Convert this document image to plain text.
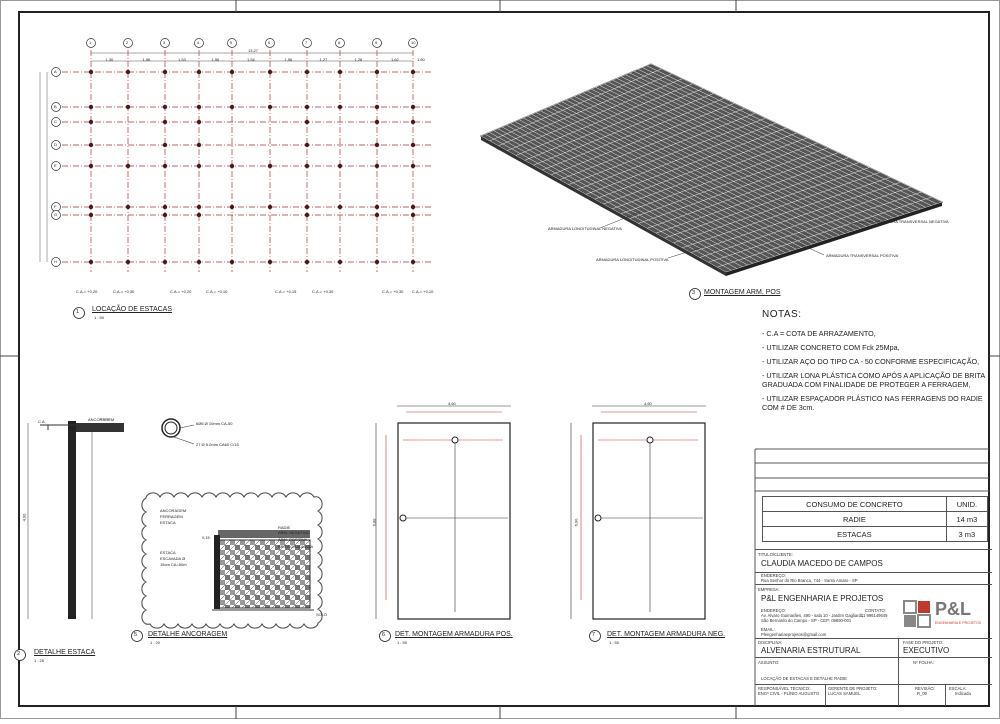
1	2	3	4	5	6	7	8	9	10
A
B
C
D
E
F
G
H
13,27
1,30	1,56	1,53	1,56	1,54	1,56	1,27	1,28	1,62	1,60
C.A.= +0,20	C.A.= +0,30	C.A.= +0,20	C.A.= +0,10	C.A.= +0,15	C.A.= +0,30	C.A.= +0,30 C.A.= +0,10
LOCAÇÃO DE ESTACAS
1 : 50
DETALHE ESTACA
1 : 25
MONTAGEM ARM. POS
DETALHE ANCORAGEM
1 : 20
DET. MONTAGEM ARMADURA POS.
1 : 50
DET. MONTAGEM ARMADURA NEG.
1 : 50
ARMADURA LONGITUDINAL NEGATIVA
ARMADURA LONGITUDINAL POSITIVA
ARMADURA TRANSVERSAL NEGATIVA
ARMADURA TRANSVERSAL POSITIVA
ANCORAGEM
C.A.
4,00
6Ø6 Ø 10mm CA-50
27 Ø 5.0mm CA60 C/15
ANCORAGEM
FERRAGEM
ESTACA
ESTACA
ESCAVADA Ø
15cm CA=50m
RADIE
ARM. NEGATIVA
ARM. POSITIVA
BRITA GRADUADA
SOLO
0,15
4,60	4,60
6,00	6,00
NOTAS:
- C.A = COTA DE ARRAZAMENTO,
- UTILIZAR CONCRETO COM Fck 25Mpa,
- UTILIZAR AÇO DO TIPO CA - 50 CONFORME ESPECIFICAÇÃO,
- UTILIZAR LONA PLÁSTICA COMO APÓS A APLICAÇÃO DE BRITA GRADUADA COM FINALIDADE DE PROTEGER A FERRAGEM,
- UTILIZAR ESPAÇADOR PLÁSTICO NAS FERRAGENS DO RADIE COM # DE 3cm.
CONSUMO DE CONCRETO	UNID.
RADIE	14 m3
ESTACAS	3 m3
TITULO/CLIENTE:
CLAUDIA MACEDO DE CAMPOS
ENDEREÇO:
Rua Senhor do Rio Branco, 744 - Santo Amaro - SP
EMPRESA:
P&L ENGENHARIA E PROJETOS
ENDEREÇO:
Av. Alvaro Guimarães, 490 - sala 10 - Jardim Gagliardi,
São Bernardo do Campo - SP - CEP: 09890-001
CONTATO:
11 996149649
EMAIL:
Plengenhariaeprojetos@gmail.com
DISCIPLINA:
ALVENARIA ESTRUTURAL
FASE DO PROJETO:
EXECUTIVO
ASSUNTO:
LOCAÇÃO DE ESTACAS E DETALHE RADIE
Nº FOLHA:
RESPONSÁVEL TÉCNICO:
ENGº CIVIL - PLÍNIO AUGUSTO
GERENTE DE PROJETO:
LUCAS SAMUEL
REVISÃO:
R_00
ESCALA:
Indicada
P&L
ENGENHARIA E PROJETOS
1
2
3
5	6	7
